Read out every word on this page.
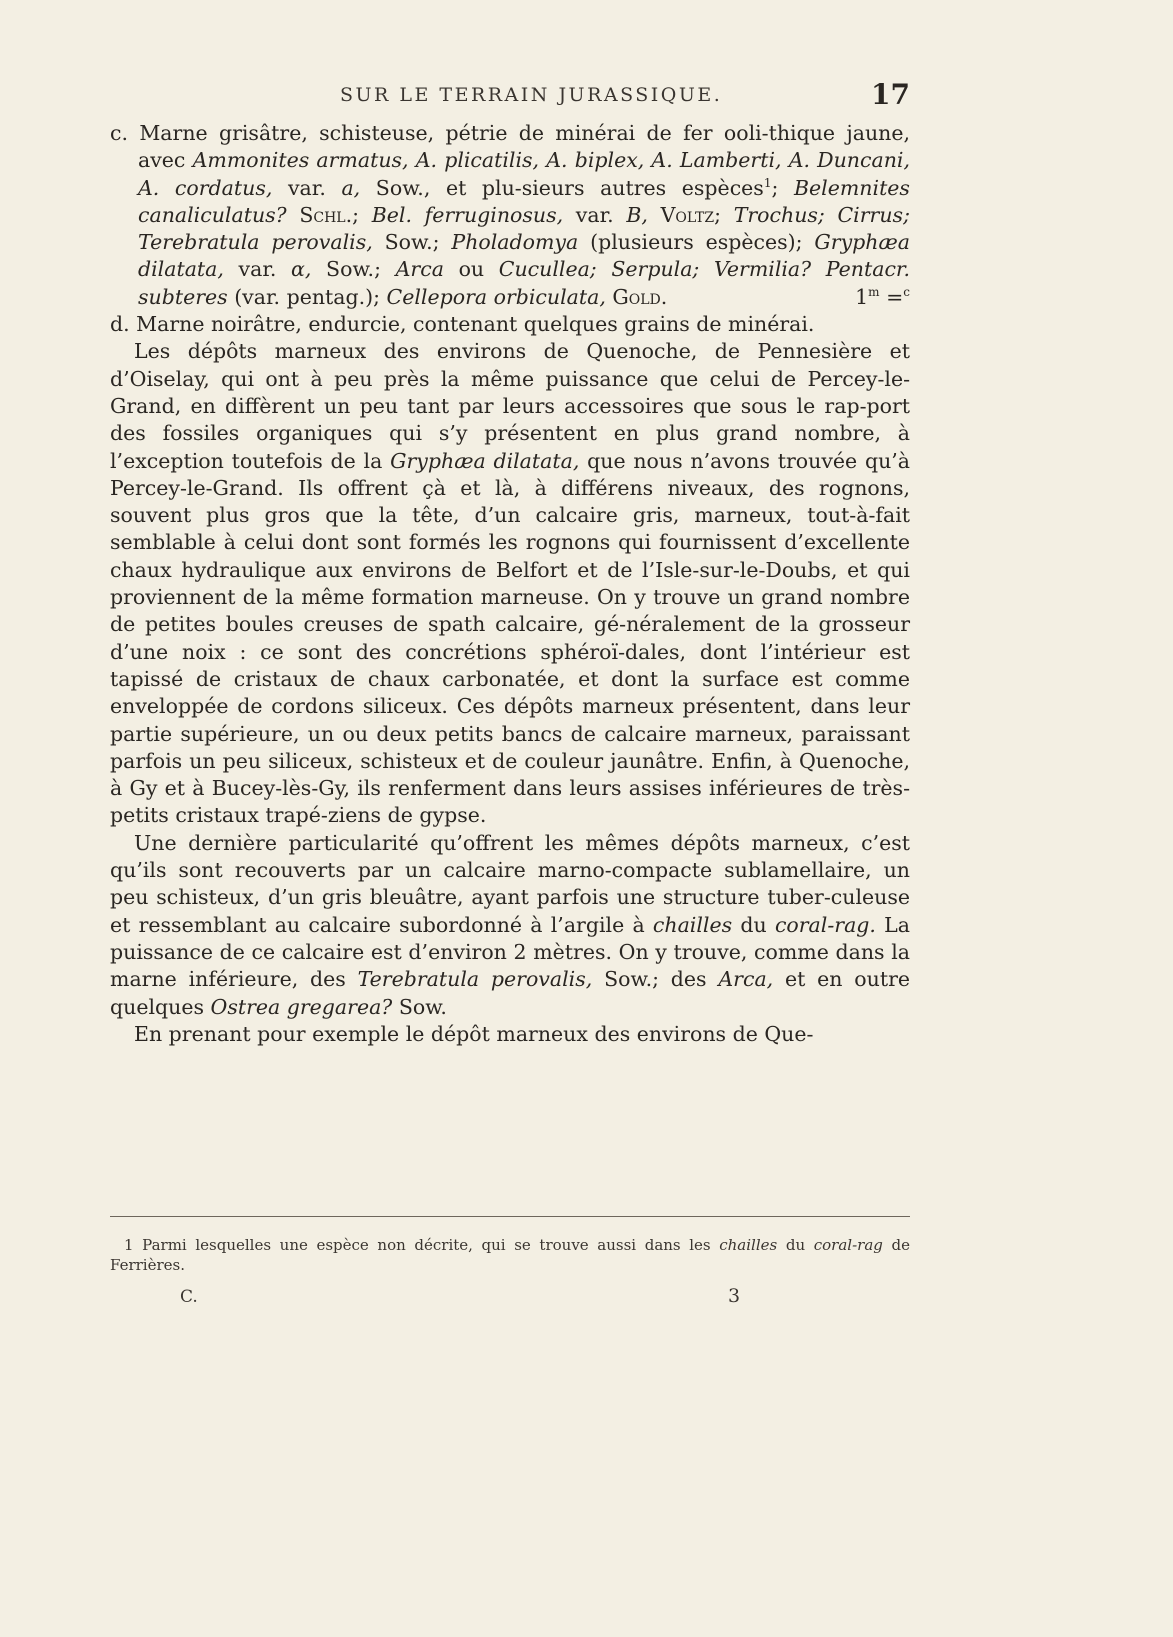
SUR LE TERRAIN JURASSIQUE.	17

c. Marne grisâtre, schisteuse, pétrie de minérai de fer ooli-thique jaune, avec Ammonites armatus, A. plicatilis, A. biplex, A. Lamberti, A. Duncani, A. cordatus, var. a, Sow., et plu-sieurs autres espèces$^1$; Belemnites canaliculatus? Schl.; Bel. ferruginosus, var. B, Voltz; Trochus; Cirrus; Terebratula perovalis, Sow.; Pholadomya (plusieurs espèces); Gryphæa dilatata, var. α, Sow.; Arca ou Cucullea; Serpula; Vermilia? Pentacr. subteres (var. pentag.); Cellepora orbiculata, Gold.	$1^m =^c$

d. Marne noirâtre, endurcie, contenant quelques grains de minérai.

Les dépôts marneux des environs de Quenoche, de Pennesière et d’Oiselay, qui ont à peu près la même puissance que celui de Percey-le-Grand, en diffèrent un peu tant par leurs accessoires que sous le rap-port des fossiles organiques qui s’y présentent en plus grand nombre, à l’exception toutefois de la Gryphæa dilatata, que nous n’avons trouvée qu’à Percey-le-Grand. Ils offrent çà et là, à différens niveaux, des rognons, souvent plus gros que la tête, d’un calcaire gris, marneux, tout-à-fait semblable à celui dont sont formés les rognons qui fournissent d’excellente chaux hydraulique aux environs de Belfort et de l’Isle-sur-le-Doubs, et qui proviennent de la même formation marneuse. On y trouve un grand nombre de petites boules creuses de spath calcaire, gé-néralement de la grosseur d’une noix : ce sont des concrétions sphéroï-dales, dont l’intérieur est tapissé de cristaux de chaux carbonatée, et dont la surface est comme enveloppée de cordons siliceux. Ces dépôts marneux présentent, dans leur partie supérieure, un ou deux petits bancs de calcaire marneux, paraissant parfois un peu siliceux, schisteux et de couleur jaunâtre. Enfin, à Quenoche, à Gy et à Bucey-lès-Gy, ils renferment dans leurs assises inférieures de très-petits cristaux trapé-ziens de gypse.

Une dernière particularité qu’offrent les mêmes dépôts marneux, c’est qu’ils sont recouverts par un calcaire marno-compacte sublamellaire, un peu schisteux, d’un gris bleuâtre, ayant parfois une structure tuber-culeuse et ressemblant au calcaire subordonné à l’argile à chailles du coral-rag. La puissance de ce calcaire est d’environ 2 mètres. On y trouve, comme dans la marne inférieure, des Terebratula perovalis, Sow.; des Arca, et en outre quelques Ostrea gregarea? Sow.

En prenant pour exemple le dépôt marneux des environs de Que-

1 Parmi lesquelles une espèce non décrite, qui se trouve aussi dans les chailles du coral-rag de Ferrières.

C.	3
